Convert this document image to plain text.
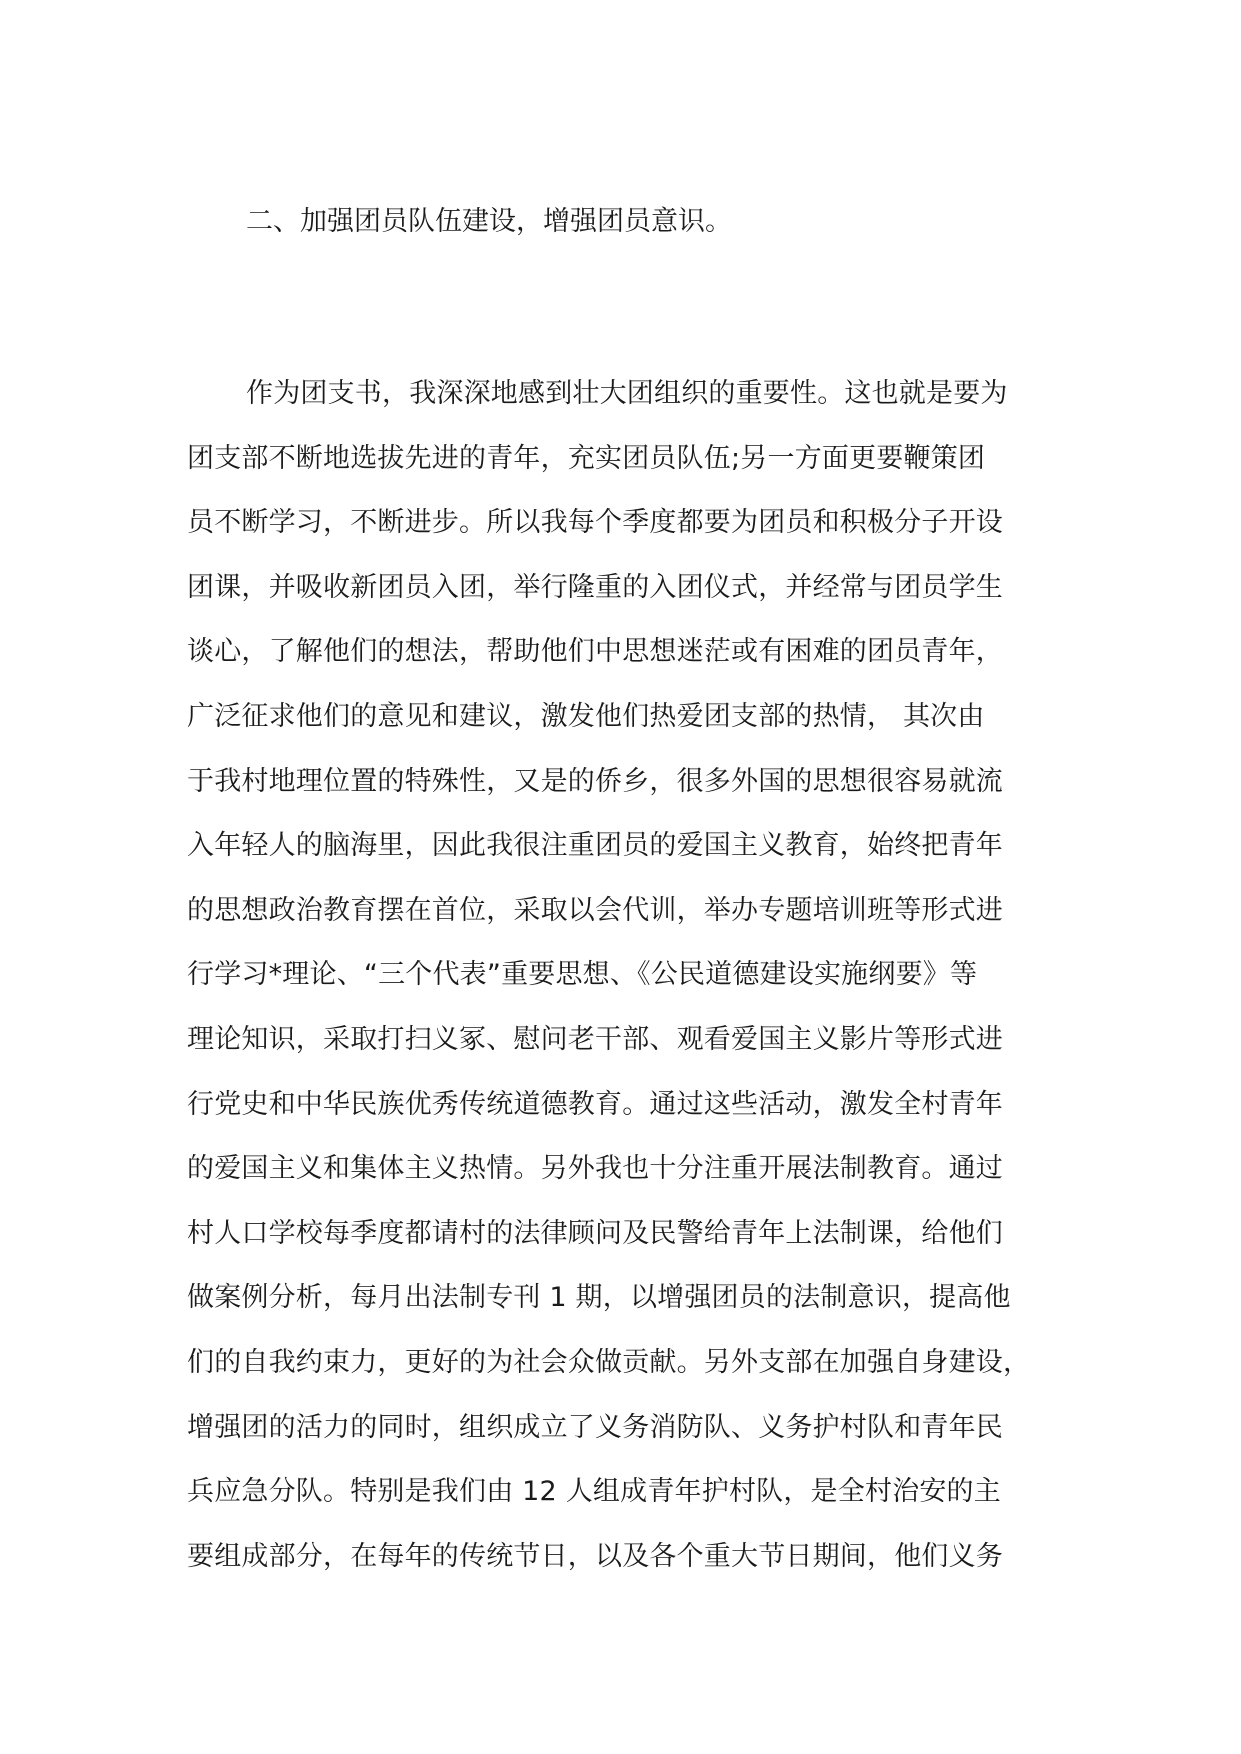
二、加强团员队伍建设，增强团员意识。
作为团支书，我深深地感到壮大团组织的重要性。这也就是要为
团支部不断地选拔先进的青年，充实团员队伍;另一方面更要鞭策团
员不断学习，不断进步。所以我每个季度都要为团员和积极分子开设
团课，并吸收新团员入团，举行隆重的入团仪式，并经常与团员学生
谈心，了解他们的想法，帮助他们中思想迷茫或有困难的团员青年，
广泛征求他们的意见和建议，激发他们热爱团支部的热情， 其次由
于我村地理位置的特殊性，又是的侨乡，很多外国的思想很容易就流
入年轻人的脑海里，因此我很注重团员的爱国主义教育，始终把青年
的思想政治教育摆在首位，采取以会代训，举办专题培训班等形式进
行学习*理论、“三个代表”重要思想、《公民道德建设实施纲要》等
理论知识，采取打扫义冢、慰问老干部、观看爱国主义影片等形式进
行党史和中华民族优秀传统道德教育。通过这些活动，激发全村青年
的爱国主义和集体主义热情。另外我也十分注重开展法制教育。通过
村人口学校每季度都请村的法律顾问及民警给青年上法制课，给他们
做案例分析，每月出法制专刊 1 期，以增强团员的法制意识，提高他
们的自我约束力，更好的为社会众做贡献。另外支部在加强自身建设，
增强团的活力的同时，组织成立了义务消防队、义务护村队和青年民
兵应急分队。特别是我们由 12 人组成青年护村队，是全村治安的主
要组成部分，在每年的传统节日，以及各个重大节日期间，他们义务
